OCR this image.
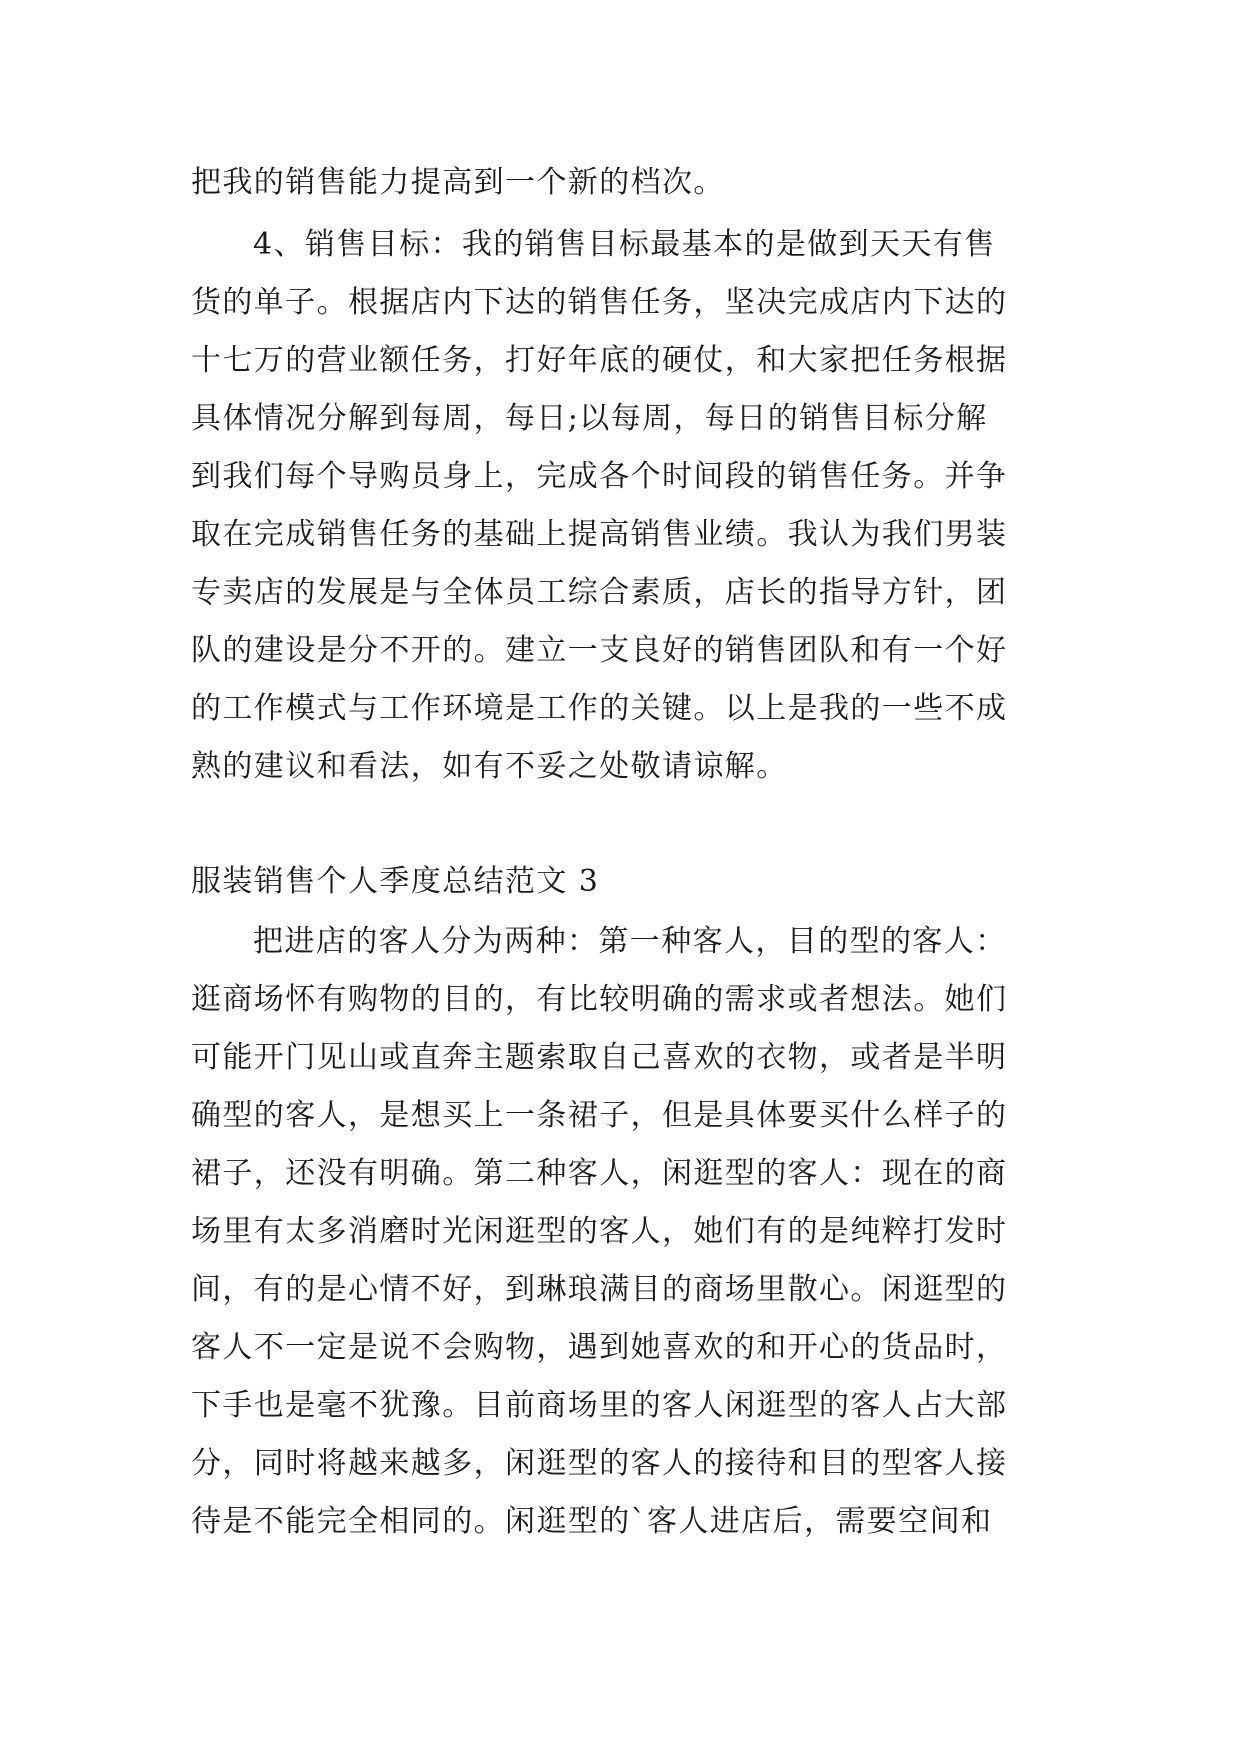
把我的销售能力提高到一个新的档次。
4、销售目标：我的销售目标最基本的是做到天天有售
货的单子。根据店内下达的销售任务，坚决完成店内下达的
十七万的营业额任务，打好年底的硬仗，和大家把任务根据
具体情况分解到每周，每日;以每周，每日的销售目标分解
到我们每个导购员身上，完成各个时间段的销售任务。并争
取在完成销售任务的基础上提高销售业绩。我认为我们男装
专卖店的发展是与全体员工综合素质，店长的指导方针，团
队的建设是分不开的。建立一支良好的销售团队和有一个好
的工作模式与工作环境是工作的关键。以上是我的一些不成
熟的建议和看法，如有不妥之处敬请谅解。
服装销售个人季度总结范文 3
把进店的客人分为两种：第一种客人，目的型的客人：
逛商场怀有购物的目的，有比较明确的需求或者想法。她们
可能开门见山或直奔主题索取自己喜欢的衣物，或者是半明
确型的客人，是想买上一条裙子，但是具体要买什么样子的
裙子，还没有明确。第二种客人，闲逛型的客人：现在的商
场里有太多消磨时光闲逛型的客人，她们有的是纯粹打发时
间，有的是心情不好，到琳琅满目的商场里散心。闲逛型的
客人不一定是说不会购物，遇到她喜欢的和开心的货品时，
下手也是毫不犹豫。目前商场里的客人闲逛型的客人占大部
分，同时将越来越多，闲逛型的客人的接待和目的型客人接
待是不能完全相同的。闲逛型的`客人进店后，需要空间和
